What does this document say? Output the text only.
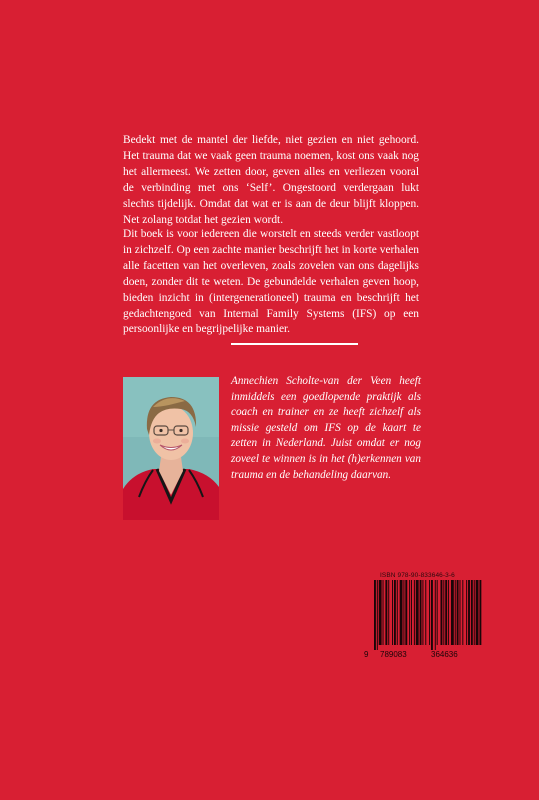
Bedekt met de mantel der liefde, niet gezien en niet gehoord. Het trauma dat we vaak geen trauma noemen, kost ons vaak nog het allermeest. We zetten door, geven alles en verliezen vooral de verbinding met ons ‘Self’. Ongestoord verdergaan lukt slechts tijdelijk. Omdat dat wat er is aan de deur blijft kloppen. Net zolang totdat het gezien wordt.

Dit boek is voor iedereen die worstelt en steeds verder vastloopt in zichzelf. Op een zachte manier beschrijft het in korte verhalen alle facetten van het overleven, zoals zovelen van ons dagelijks doen, zonder dit te weten. De gebundelde verhalen geven hoop, bieden inzicht in (intergenerationeel) trauma en beschrijft het gedachtengoed van Internal Family Systems (IFS) op een persoonlijke en begrijpelijke manier.

Annechien Scholte-van der Veen heeft inmiddels een goedlopende praktijk als coach en trainer en ze heeft zichzelf als missie gesteld om IFS op de kaart te zetten in Nederland. Juist omdat er nog zoveel te winnen is in het (h)erkennen van trauma en de behandeling daarvan.

ISBN 978-90-833646-3-6
9 789083	364636
